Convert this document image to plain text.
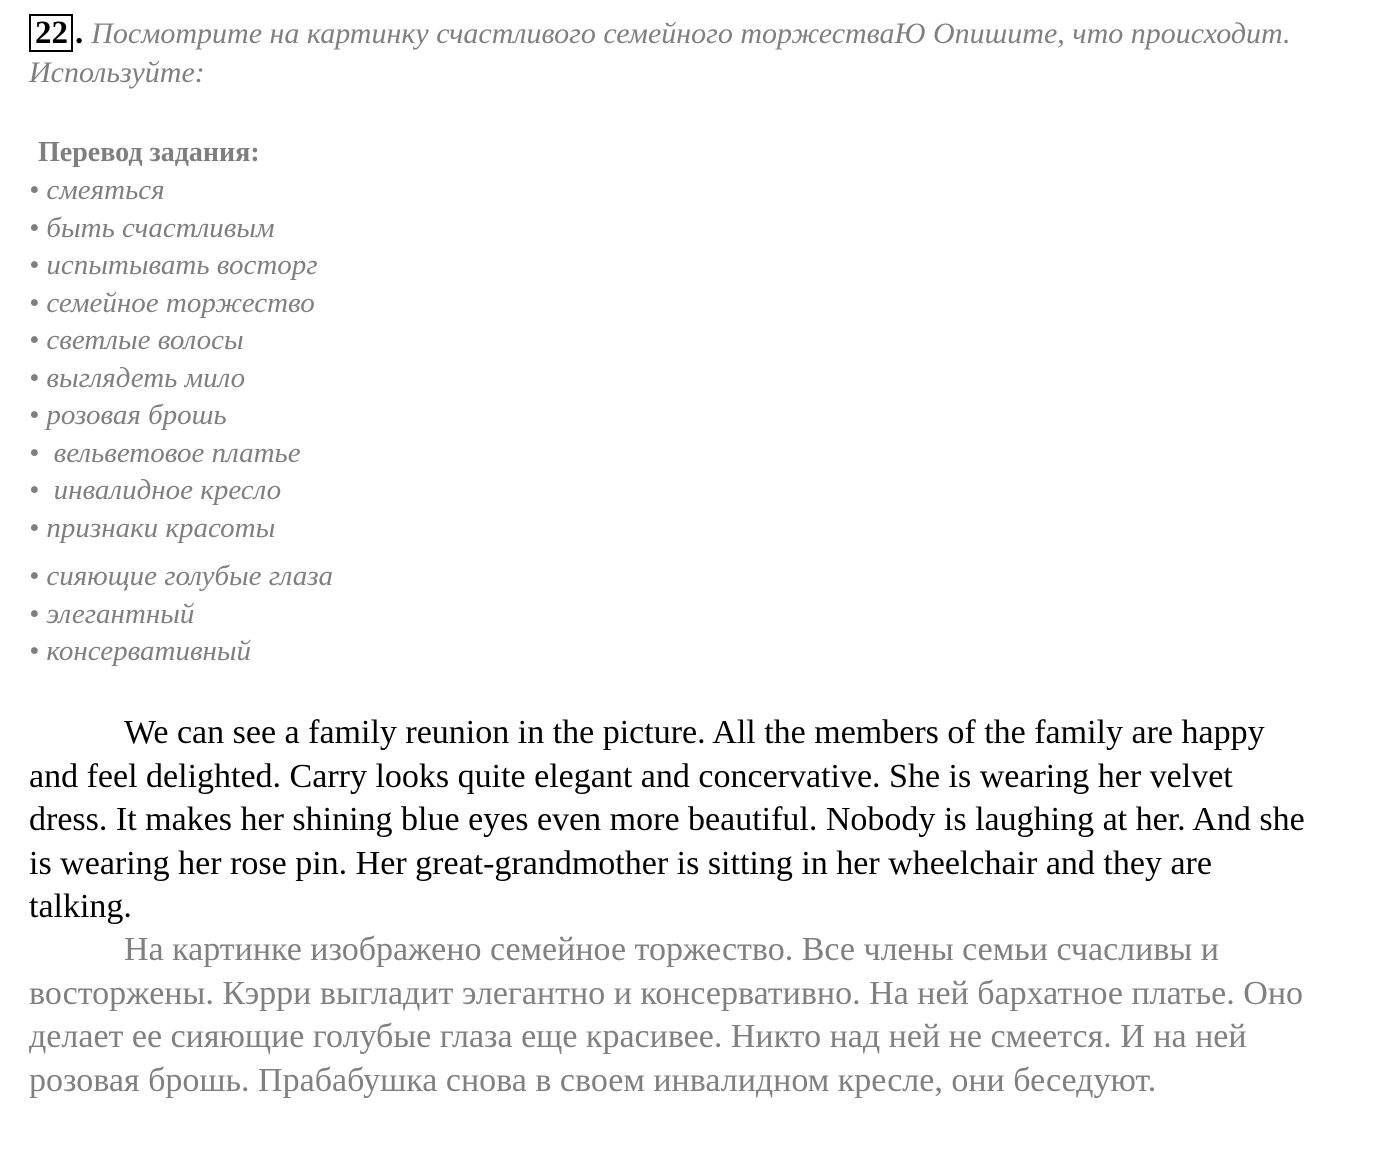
22 . Посмотрите на картинку счастливого семейного торжестваЮ Опишите, что происходит. Используйте:
Перевод задания:
• смеяться
• быть счастливым
• испытывать восторг
• семейное торжество
• светлые волосы
• выглядеть мило
• розовая брошь
•  вельветовое платье
•  инвалидное кресло
• признаки красоты
• сияющие голубые глаза
• элегантный
• консервативный

We can see a family reunion in the picture. All the members of the family are happy and feel delighted. Carry looks quite elegant and concervative. She is wearing her velvet dress. It makes her shining blue eyes even more beautiful. Nobody is laughing at her. And she is wearing her rose pin. Her great-grandmother is sitting in her wheelchair and they are talking.

На картинке изображено семейное торжество. Все члены семьи счасливы и восторжены. Кэрри выгладит элегантно и консервативно. На ней бархатное платье. Оно делает ее сияющие голубые глаза еще красивее. Никто над ней не смеется. И на ней розовая брошь. Прабабушка снова в своем инвалидном кресле, они беседуют.
